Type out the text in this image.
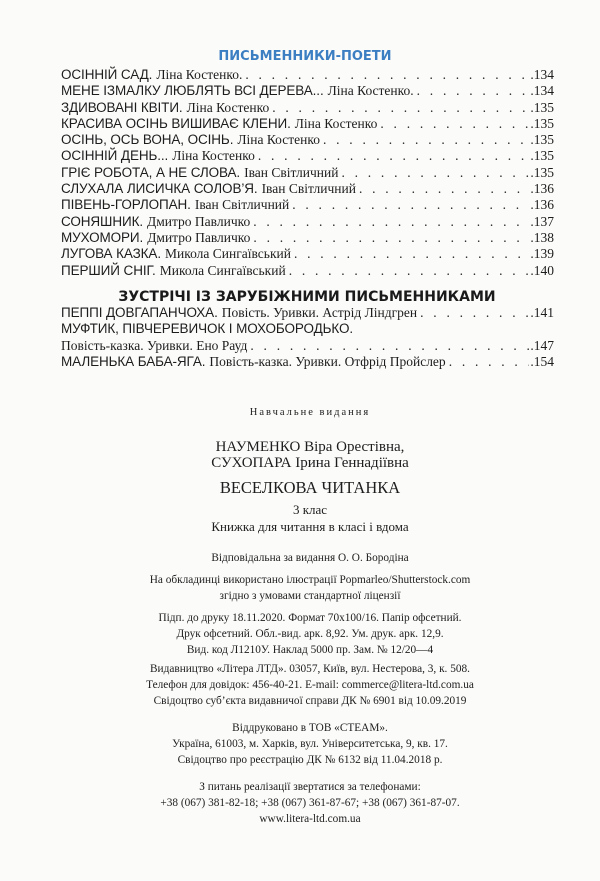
ПИСЬМЕННИКИ-ПОЕТИ
ОСІННІЙ САД. Ліна Костенко. . . .	.134
МЕНЕ ІЗМАЛКУ ЛЮБЛЯТЬ ВСІ ДЕРЕВА... Ліна Костенко. . . .	.134
ЗДИВОВАНІ КВІТИ. Ліна Костенко . . .	.135
КРАСИВА ОСІНЬ ВИШИВАЄ КЛЕНИ. Ліна Костенко . . .	.135
ОСІНЬ, ОСЬ ВОНА, ОСІНЬ. Ліна Костенко . . .	.135
ОСІННІЙ ДЕНЬ... Ліна Костенко . . .	.135
ГРІЄ РОБОТА, А НЕ СЛОВА. Іван Світличний . . .	.135
СЛУХАЛА ЛИСИЧКА СОЛОВ’Я. Іван Світличний . . .	.136
ПІВЕНЬ-ГОРЛОПАН. Іван Світличний . . .	.136
СОНЯШНИК. Дмитро Павличко . . .	.137
МУХОМОРИ. Дмитро Павличко . . .	.138
ЛУГОВА КАЗКА. Микола Сингаївський . . .	.139
ПЕРШИЙ СНІГ. Микола Сингаївський . . .	.140
ЗУСТРІЧІ ІЗ ЗАРУБІЖНИМИ ПИСЬМЕННИКАМИ
ПЕППІ ДОВГАПАНЧОХА. Повість. Уривки. Астрід Ліндгрен . . .	.141
МУФТИК, ПІВЧЕРЕВИЧОК І МОХОБОРОДЬКО.
Повість-казка. Уривки. Ено Рауд . . .	.147
МАЛЕНЬКА БАБА-ЯГА. Повість-казка. Уривки. Отфрід Пройслер . . .	.154
Навчальне видання
НАУМЕНКО Віра Орестівна,
СУХОПАРА Ірина Геннадіївна
ВЕСЕЛКОВА ЧИТАНКА
3 клас
Книжка для читання в класі і вдома
Відповідальна за видання О. О. Бородіна
На обкладинці використано ілюстрації Popmarleo/Shutterstock.com
згідно з умовами стандартної ліцензії
Підп. до друку 18.11.2020. Формат 70х100/16. Папір офсетний.
Друк офсетний. Обл.-вид. арк. 8,92. Ум. друк. арк. 12,9.
Вид. код Л1210У. Наклад 5000 пр. Зам. № 12/20—4
Видавництво «Літера ЛТД». 03057, Київ, вул. Нестерова, 3, к. 508.
Телефон для довідок: 456-40-21. E-mail: commerce@litera-ltd.com.ua
Свідоцтво суб’єкта видавничої справи ДК № 6901 від 10.09.2019
Віддруковано в ТОВ «СТЕАМ».
Україна, 61003, м. Харків, вул. Університетська, 9, кв. 17.
Свідоцтво про реєстрацію ДК № 6132 від 11.04.2018 р.
З питань реалізації звертатися за телефонами:
+38 (067) 381-82-18; +38 (067) 361-87-67; +38 (067) 361-87-07.
www.litera-ltd.com.ua
